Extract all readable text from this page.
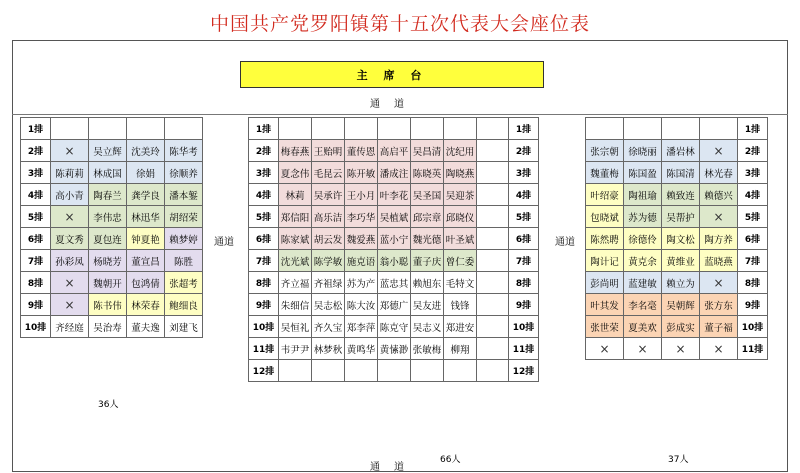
中国共产党罗阳镇第十五次代表大会座位表
主 席 台
通道
通道	通道
通道
1排				
2排	×	吴立辉	沈美玲	陈华考
3排	陈莉莉	林成国	徐娟	徐顺养
4排	高小青	陶春兰	龚学良	潘本錾
5排	×	李伟忠	林迅华	胡绍荣
6排	夏文秀	夏包连	钟夏艳	赖梦婷
7排	孙彩凤	杨晓芳	董宣昌	陈胜
8排	×	魏朝开	包鸿倩	张超考
9排	×	陈书伟	林荣春	鲍细良
10排	齐经庭	吴治寿	董夫逸	刘建飞
1排								1排
2排	梅春燕	王贻明	董传恩	高启平	吴昌清	沈纪用		2排
3排	夏念伟	毛昆云	陈开敏	潘成注	陈晓英	陶晓燕		3排
4排	林莉	吴承许	王小月	叶李花	吴圣国	吴迎茶		4排
5排	郑信阳	高乐洁	李巧华	吴植斌	邱宗章	邱晓仪		5排
6排	陈家斌	胡云发	魏爱燕	蓝小宁	魏光德	叶圣斌		6排
7排	沈光斌	陈学敏	施克语	翁小聪	董子庆	曾仁委		7排
8排	齐立福	齐祖绿	苏为产	蓝忠其	赖旭东	毛特文		8排
9排	朱细信	吴志松	陈大汝	郑德广	吴友进	钱锋		9排
10排	吴恒礼	齐久宝	郑李萍	陈克守	吴志义	郑进安		10排
11排	韦尹尹	林梦秋	黄鸣华	黄愫渺	张敏梅	柳翔		11排
12排								12排
				1排
张宗朝	徐晓丽	潘岩林	×	2排
魏董梅	陈国盈	陈国清	林光春	3排
叶绍豪	陶祖瑜	赖致连	赖德兴	4排
包晓斌	苏为德	吴帮护	×	5排
陈然聘	徐德伶	陶文松	陶方养	6排
陶计记	黄克余	黄维业	蓝晓燕	7排
彭尚明	蓝建敏	赖立为	×	8排
叶其发	李名毫	吴朝辉	张方东	9排
张世荣	夏美欢	彭成实	董子福	10排
×	×	×	×	11排
36人
66人	37人
